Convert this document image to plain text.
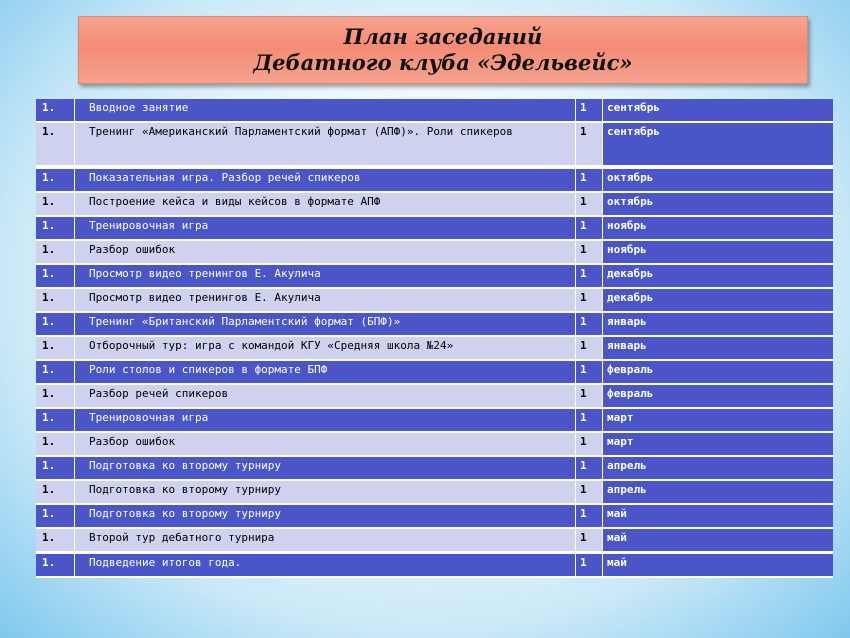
План заседаний
Дебатного клуба «Эдельвейс»
1.	Вводное занятие	1	сентябрь
1.	Тренинг «Американский Парламентский формат (АПФ)». Роли спикеров	1	сентябрь
1.	Показательная игра. Разбор речей спикеров	1	октябрь
1.	Построение кейса и виды кейсов в формате АПФ	1	октябрь
1.	Тренировочная игра	1	ноябрь
1.	Разбор ошибок	1	ноябрь
1.	Просмотр видео тренингов Е. Акулича	1	декабрь
1.	Просмотр видео тренингов Е. Акулича	1	декабрь
1.	Тренинг «Британский Парламентский формат (БПФ)»	1	январь
1.	Отборочный тур: игра с командой КГУ «Средняя школа №24»	1	январь
1.	Роли столов и спикеров в формате БПФ	1	февраль
1.	Разбор речей спикеров	1	февраль
1.	Тренировочная игра	1	март
1.	Разбор ошибок	1	март
1.	Подготовка ко второму турниру	1	апрель
1.	Подготовка ко второму турниру	1	апрель
1.	Подготовка ко второму турниру	1	май
1.	Второй тур дебатного турнира	1	май
1.	Подведение итогов года.	1	май
